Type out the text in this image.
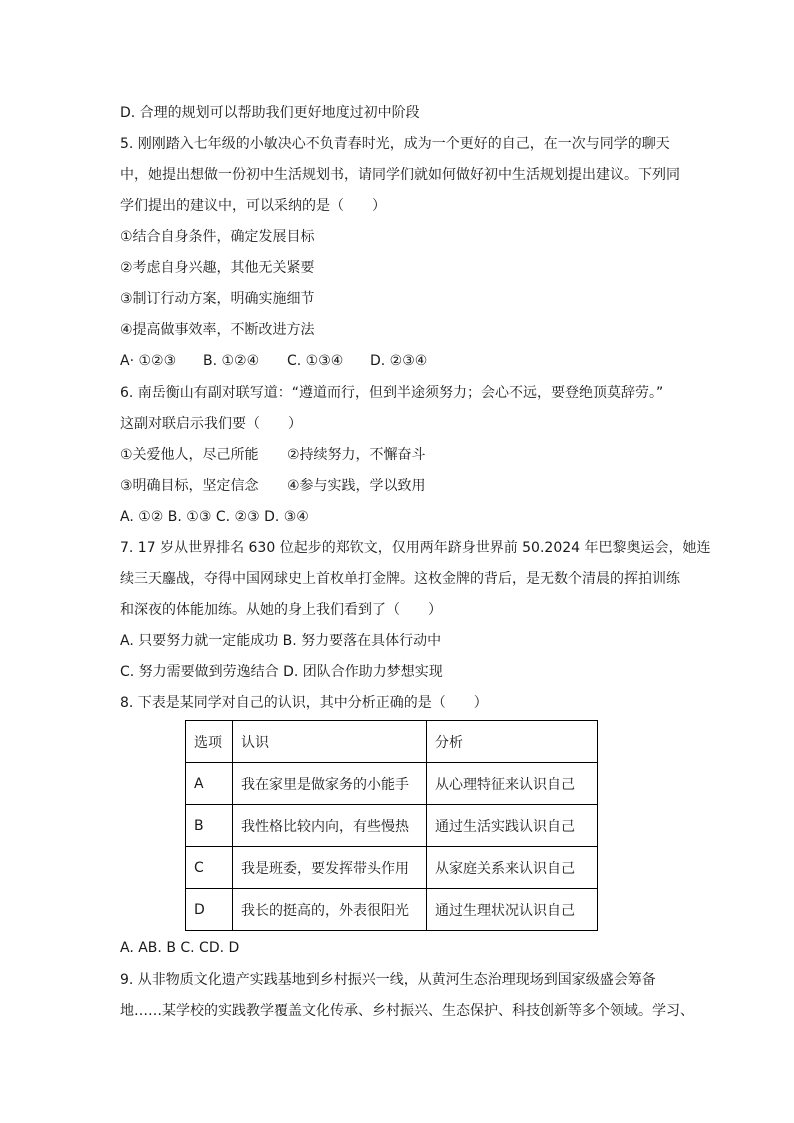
D. 合理的规划可以帮助我们更好地度过初中阶段
5. 刚刚踏入七年级的小敏决心不负青春时光，成为一个更好的自己，在一次与同学的聊天
中，她提出想做一份初中生活规划书，请同学们就如何做好初中生活规划提出建议。下列同
学们提出的建议中，可以采纳的是（　　）
①结合自身条件，确定发展目标
②考虑自身兴趣，其他无关紧要
③制订行动方案，明确实施细节
④提高做事效率，不断改进方法
A· ①②③ B. ①②④ C. ①③④ D. ②③④
6. 南岳衡山有副对联写道：“遵道而行，但到半途须努力；会心不远，要登绝顶莫辞劳。”
这副对联启示我们要（　　）
①关爱他人，尽己所能 ②持续努力，不懈奋斗
③明确目标，坚定信念 ④参与实践，学以致用
A. ①② B. ①③ C. ②③ D. ③④
7. 17 岁从世界排名 630 位起步的郑钦文，仅用两年跻身世界前 50.2024 年巴黎奥运会，她连
续三天鏖战，夺得中国网球史上首枚单打金牌。这枚金牌的背后，是无数个清晨的挥拍训练
和深夜的体能加练。从她的身上我们看到了（　　）
A. 只要努力就一定能成功 B. 努力要落在具体行动中
C. 努力需要做到劳逸结合 D. 团队合作助力梦想实现
8. 下表是某同学对自己的认识，其中分析正确的是（　　）
选项	认识	分析
A	我在家里是做家务的小能手	从心理特征来认识自己
B	我性格比较内向，有些慢热	通过生活实践认识自己
C	我是班委，要发挥带头作用	从家庭关系来认识自己
D	我长的挺高的，外表很阳光	通过生理状况认识自己
A. AB. B C. CD. D
9. 从非物质文化遗产实践基地到乡村振兴一线，从黄河生态治理现场到国家级盛会筹备
地……某学校的实践教学覆盖文化传承、乡村振兴、生态保护、科技创新等多个领域。学习、
